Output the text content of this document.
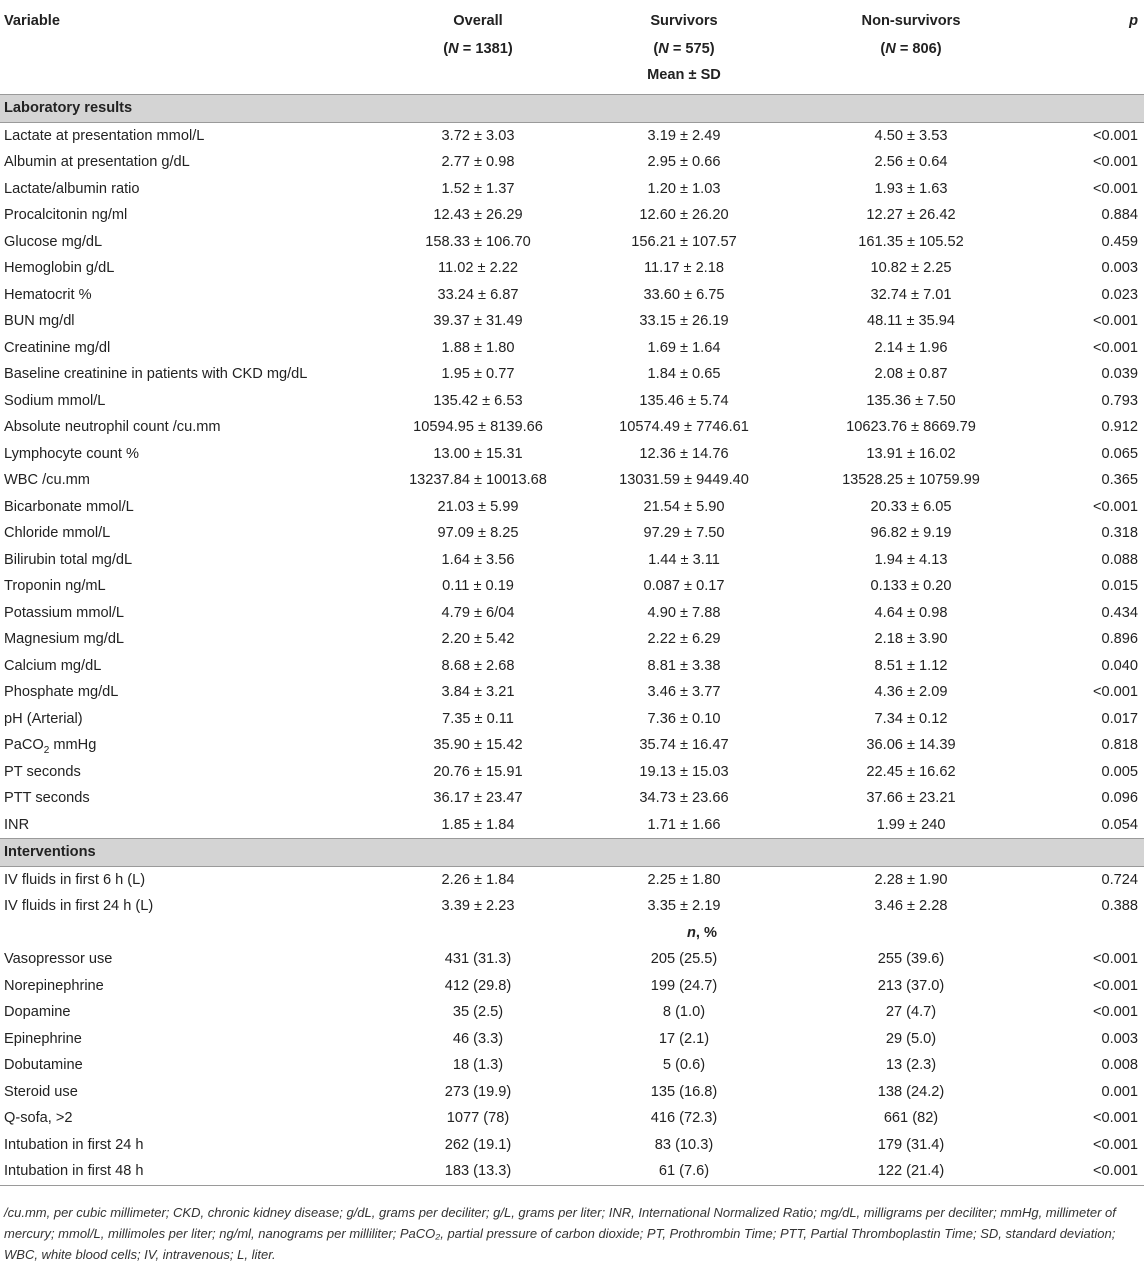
Variable	Overall	Survivors	Non-survivors	p
	(N = 1381)	(N = 575)	(N = 806)	
		Mean ± SD		
Laboratory results				
Lactate at presentation mmol/L	3.72 ± 3.03	3.19 ± 2.49	4.50 ± 3.53	<0.001
Albumin at presentation g/dL	2.77 ± 0.98	2.95 ± 0.66	2.56 ± 0.64	<0.001
Lactate/albumin ratio	1.52 ± 1.37	1.20 ± 1.03	1.93 ± 1.63	<0.001
Procalcitonin ng/ml	12.43 ± 26.29	12.60 ± 26.20	12.27 ± 26.42	0.884
Glucose mg/dL	158.33 ± 106.70	156.21 ± 107.57	161.35 ± 105.52	0.459
Hemoglobin g/dL	11.02 ± 2.22	11.17 ± 2.18	10.82 ± 2.25	0.003
Hematocrit %	33.24 ± 6.87	33.60 ± 6.75	32.74 ± 7.01	0.023
BUN mg/dl	39.37 ± 31.49	33.15 ± 26.19	48.11 ± 35.94	<0.001
Creatinine mg/dl	1.88 ± 1.80	1.69 ± 1.64	2.14 ± 1.96	<0.001
Baseline creatinine in patients with CKD mg/dL	1.95 ± 0.77	1.84 ± 0.65	2.08 ± 0.87	0.039
Sodium mmol/L	135.42 ± 6.53	135.46 ± 5.74	135.36 ± 7.50	0.793
Absolute neutrophil count /cu.mm	10594.95 ± 8139.66	10574.49 ± 7746.61	10623.76 ± 8669.79	0.912
Lymphocyte count %	13.00 ± 15.31	12.36 ± 14.76	13.91 ± 16.02	0.065
WBC /cu.mm	13237.84 ± 10013.68	13031.59 ± 9449.40	13528.25 ± 10759.99	0.365
Bicarbonate mmol/L	21.03 ± 5.99	21.54 ± 5.90	20.33 ± 6.05	<0.001
Chloride mmol/L	97.09 ± 8.25	97.29 ± 7.50	96.82 ± 9.19	0.318
Bilirubin total mg/dL	1.64 ± 3.56	1.44 ± 3.11	1.94 ± 4.13	0.088
Troponin ng/mL	0.11 ± 0.19	0.087 ± 0.17	0.133 ± 0.20	0.015
Potassium mmol/L	4.79 ± 6/04	4.90 ± 7.88	4.64 ± 0.98	0.434
Magnesium mg/dL	2.20 ± 5.42	2.22 ± 6.29	2.18 ± 3.90	0.896
Calcium mg/dL	8.68 ± 2.68	8.81 ± 3.38	8.51 ± 1.12	0.040
Phosphate mg/dL	3.84 ± 3.21	3.46 ± 3.77	4.36 ± 2.09	<0.001
pH (Arterial)	7.35 ± 0.11	7.36 ± 0.10	7.34 ± 0.12	0.017
PaCO$_2$ mmHg	35.90 ± 15.42	35.74 ± 16.47	36.06 ± 14.39	0.818
PT seconds	20.76 ± 15.91	19.13 ± 15.03	22.45 ± 16.62	0.005
PTT seconds	36.17 ± 23.47	34.73 ± 23.66	37.66 ± 23.21	0.096
INR	1.85 ± 1.84	1.71 ± 1.66	1.99 ± 240	0.054
Interventions				
IV fluids in first 6 h (L)	2.26 ± 1.84	2.25 ± 1.80	2.28 ± 1.90	0.724
IV fluids in first 24 h (L)	3.39 ± 2.23	3.35 ± 2.19	3.46 ± 2.28	0.388
n, %				
Vasopressor use	431 (31.3)	205 (25.5)	255 (39.6)	<0.001
Norepinephrine	412 (29.8)	199 (24.7)	213 (37.0)	<0.001
Dopamine	35 (2.5)	8 (1.0)	27 (4.7)	<0.001
Epinephrine	46 (3.3)	17 (2.1)	29 (5.0)	0.003
Dobutamine	18 (1.3)	5 (0.6)	13 (2.3)	0.008
Steroid use	273 (19.9)	135 (16.8)	138 (24.2)	0.001
Q-sofa, >2	1077 (78)	416 (72.3)	661 (82)	<0.001
Intubation in first 24 h	262 (19.1)	83 (10.3)	179 (31.4)	<0.001
Intubation in first 48 h	183 (13.3)	61 (7.6)	122 (21.4)	<0.001
/cu.mm, per cubic millimeter; CKD, chronic kidney disease; g/dL, grams per deciliter; g/L, grams per liter; INR, International Normalized Ratio; mg/dL, milligrams per deciliter; mmHg, millimeter of mercury; mmol/L, millimoles per liter; ng/ml, nanograms per milliliter; PaCO₂, partial pressure of carbon dioxide; PT, Prothrombin Time; PTT, Partial Thromboplastin Time; SD, standard deviation; WBC, white blood cells; IV, intravenous; L, liter.
